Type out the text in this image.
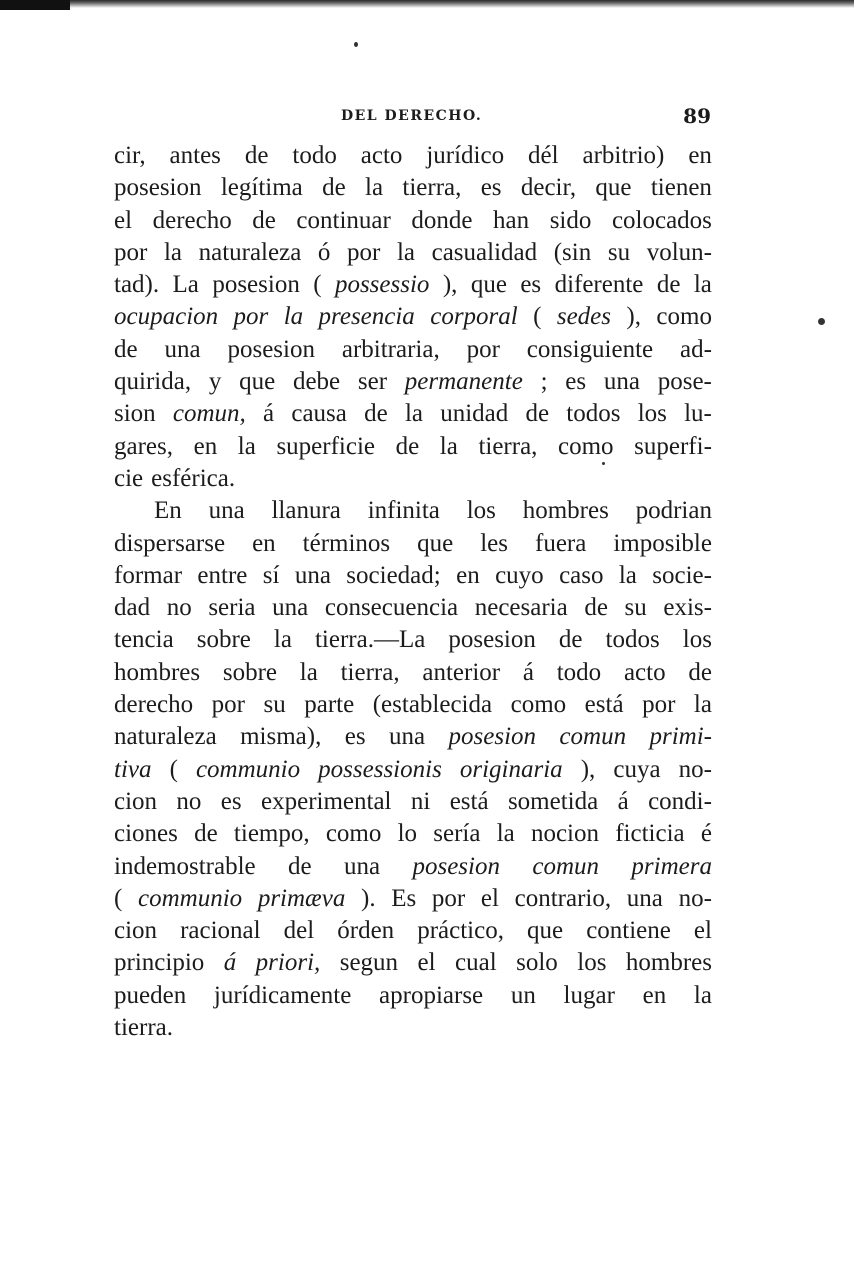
DEL DERECHO.	89
cir, antes de todo acto jurídico dél arbitrio) en
posesion legítima de la tierra, es decir, que tienen
el derecho de continuar donde han sido colocados
por la naturaleza ó por la casualidad (sin su volun-
tad). La posesion ( possessio ), que es diferente de la
ocupacion por la presencia corporal ( sedes ), como
de una posesion arbitraria, por consiguiente ad-
quirida, y que debe ser permanente ; es una pose-
sion comun, á causa de la unidad de todos los lu-
gares, en la superficie de la tierra, como superfi-
cie esférica.
En una llanura infinita los hombres podrian
dispersarse en términos que les fuera imposible
formar entre sí una sociedad; en cuyo caso la socie-
dad no seria una consecuencia necesaria de su exis-
tencia sobre la tierra.—La posesion de todos los
hombres sobre la tierra, anterior á todo acto de
derecho por su parte (establecida como está por la
naturaleza misma), es una posesion comun primi-
tiva ( communio possessionis originaria ), cuya no-
cion no es experimental ni está sometida á condi-
ciones de tiempo, como lo sería la nocion ficticia é
indemostrable de una posesion comun primera
( communio primæva ). Es por el contrario, una no-
cion racional del órden práctico, que contiene el
principio á priori, segun el cual solo los hombres
pueden jurídicamente apropiarse un lugar en la
tierra.
